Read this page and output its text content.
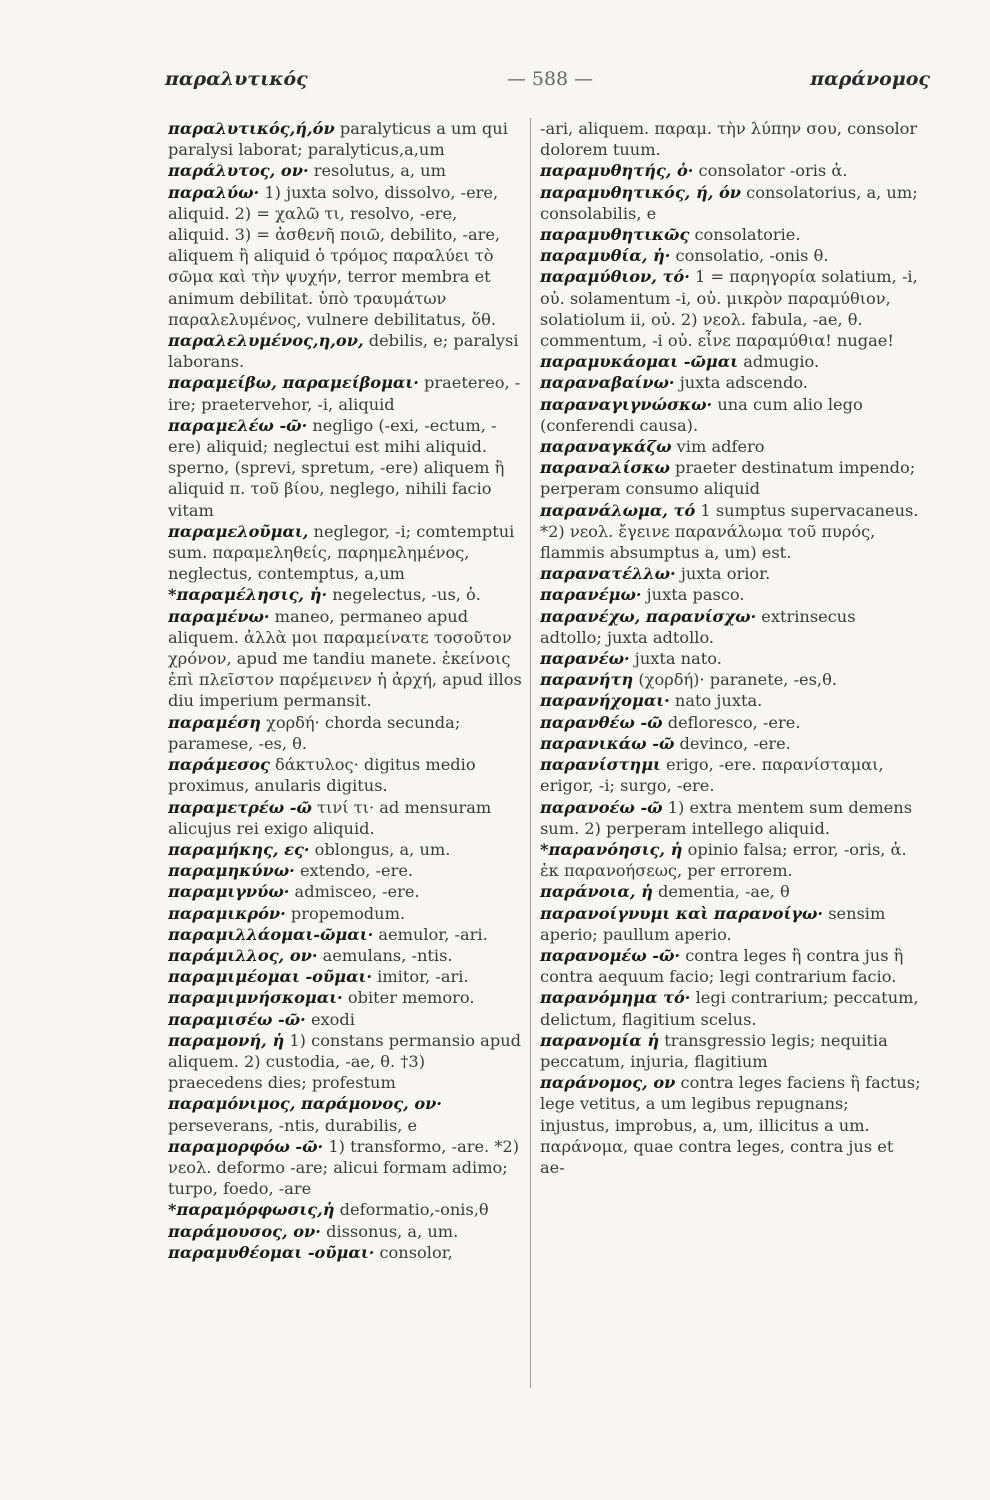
παραλυτικός	— 588 —	παράνομος

παραλυτικός,ή,όν paralyticus a um qui paralysi laborat; paralyticus,a,um

παράλυτος, ον· resolutus, a, um

παραλύω· 1) juxta solvo, dissolvo, -ere, aliquid. 2) = χαλῶ τι, resolvo, -ere, aliquid. 3) = ἀσθενῆ ποιῶ, debilito, -are, aliquem ἢ aliquid ὁ τρόμος παραλύει τὸ σῶμα καὶ τὴν ψυχήν, terror membra et animum debilitat. ὑπὸ τραυμάτων παραλελυμένος, vulnere debilitatus, ὅθ.

παραλελυμένος,η,ον, debilis, e; paralysi laborans.

παραμείβω, παραμείβομαι· praetereo, -ire; praetervehor, -i, aliquid

παραμελέω -ῶ· negligo (-exi, -ectum, -ere) aliquid; neglectui est mihi aliquid. sperno, (sprevi, spretum, -ere) aliquem ἢ aliquid π. τοῦ βίου, neglego, nihili facio vitam

παραμελοῦμαι, neglegor, -i; comtemptui sum. παραμεληθείς, παρημελημένος, neglectus, contemptus, a,um

*παραμέλησις, ἡ· negelectus, -us, ὁ.

παραμένω· maneo, permaneo apud aliquem. ἀλλὰ μοι παραμείνατε τοσοῦτον χρόνον, apud me tandiu manete. ἐκείνοις ἐπὶ πλεῖστον παρέμεινεν ἡ ἀρχή, apud illos diu imperium permansit.

παραμέση χορδή· chorda secunda; paramese, -es, θ.

παράμεσος δάκτυλος· digitus medio proximus, anularis digitus.

παραμετρέω -ῶ τινί τι· ad mensuram alicujus rei exigo aliquid.

παραμήκης, ες· oblongus, a, um.

παραμηκύνω· extendo, -ere.

παραμιγνύω· admisceo, -ere.

παραμικρόν· propemodum.

παραμιλλάομαι-ῶμαι· aemulor, -ari.

παράμιλλος, ον· aemulans, -ntis.

παραμιμέομαι -οῦμαι· imitor, -ari.

παραμιμνήσκομαι· obiter memoro.

παραμισέω -ῶ· exodi

παραμονή, ἡ 1) constans permansio apud aliquem. 2) custodia, -ae, θ. †3) praecedens dies; profestum

παραμόνιμος, παράμονος, ον· perseverans, -ntis, durabilis, e

παραμορφόω -ῶ· 1) transformo, -are. *2) νεολ. deformo -are; alicui formam adimo; turpo, foedo, -are

*παραμόρφωσις,ἡ deformatio,-onis,θ

παράμουσος, ον· dissonus, a, um.

παραμυθέομαι -οῦμαι· consolor,

-ari, aliquem. παραμ. τὴν λύπην σου, consolor dolorem tuum.

παραμυθητής, ὁ· consolator -oris ἀ.

παραμυθητικός, ή, όν consolatorius, a, um; consolabilis, e

παραμυθητικῶς consolatorie.

παραμυθία, ἡ· consolatio, -onis θ.

παραμύθιον, τό· 1 = παρηγορία solatium, -i, οὐ. solamentum -i, οὐ. μικρὸν παραμύθιον, solatiolum ii, οὐ. 2) νεολ. fabula, -ae, θ. commentum, -i οὐ. εἶνε παραμύθια! nugae!

παραμυκάομαι -ῶμαι admugio.

παραναβαίνω· juxta adscendo.

παραναγιγνώσκω· una cum alio lego (conferendi causa).

παραναγκάζω vim adfero

παραναλίσκω praeter destinatum impendo; perperam consumo aliquid

παρανάλωμα, τό 1 sumptus supervacaneus. *2) νεολ. ἔγεινε παρανάλωμα τοῦ πυρός, flammis absumptus a, um) est.

παρανατέλλω· juxta orior.

παρανέμω· juxta pasco.

παρανέχω, παρανίσχω· extrinsecus adtollo; juxta adtollo.

παρανέω· juxta nato.

παρανήτη (χορδή)· paranete, -es,θ.

παρανήχομαι· nato juxta.

παρανθέω -ῶ defloresco, -ere.

παρανικάω -ῶ devinco, -ere.

παρανίστημι erigo, -ere. παρανίσταμαι, erigor, -i; surgo, -ere.

παρανοέω -ῶ 1) extra mentem sum demens sum. 2) perperam intellego aliquid.

*παρανόησις, ἡ opinio falsa; error, -oris, ἀ. ἐκ παρανοήσεως, per errorem.

παράνοια, ἡ dementia, -ae, θ

παρανοίγνυμι καὶ παρανοίγω· sensim aperio; paullum aperio.

παρανομέω -ῶ· contra leges ἢ contra jus ἢ contra aequum facio; legi contrarium facio.

παρανόμημα τό· legi contrarium; peccatum, delictum, flagitium scelus.

παρανομία ἡ transgressio legis; nequitia peccatum, injuria, flagitium

παράνομος, ον contra leges faciens ἢ factus; lege vetitus, a um legibus repugnans; injustus, improbus, a, um, illicitus a um. παράνομα, quae contra leges, contra jus et ae-
